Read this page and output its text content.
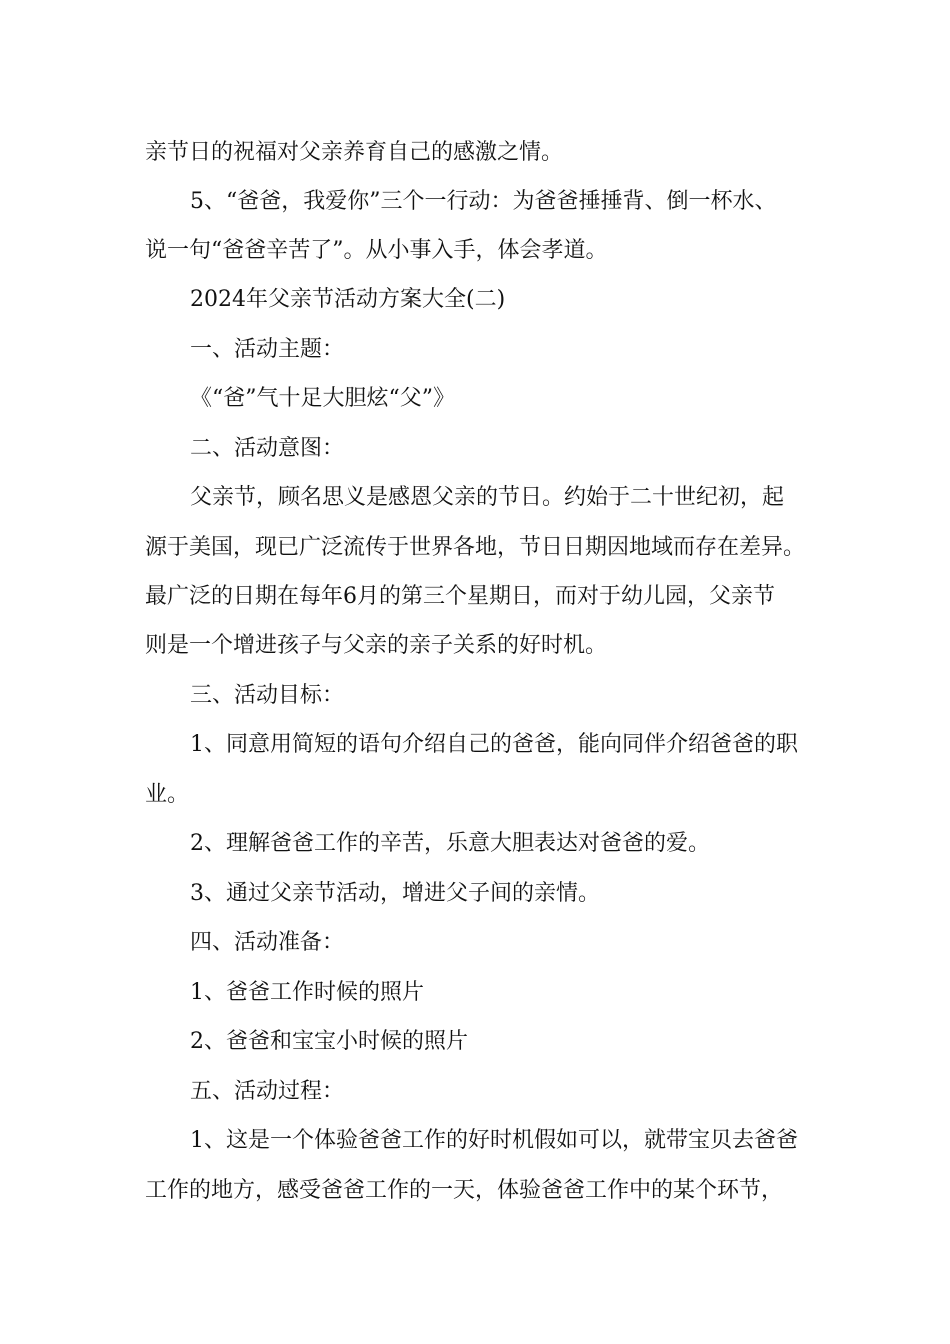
亲节日的祝福对父亲养育自己的感激之情。
5、“爸爸，我爱你”三个一行动：为爸爸捶捶背、倒一杯水、
说一句“爸爸辛苦了”。从小事入手，体会孝道。
2024年父亲节活动方案大全(二)
一、活动主题：
《“爸”气十足大胆炫“父”》
二、活动意图：
父亲节，顾名思义是感恩父亲的节日。约始于二十世纪初，起
源于美国，现已广泛流传于世界各地，节日日期因地域而存在差异。
最广泛的日期在每年6月的第三个星期日，而对于幼儿园，父亲节
则是一个增进孩子与父亲的亲子关系的好时机。
三、活动目标：
1、同意用简短的语句介绍自己的爸爸，能向同伴介绍爸爸的职
业。
2、理解爸爸工作的辛苦，乐意大胆表达对爸爸的爱。
3、通过父亲节活动，增进父子间的亲情。
四、活动准备：
1、爸爸工作时候的照片
2、爸爸和宝宝小时候的照片
五、活动过程：
1、这是一个体验爸爸工作的好时机假如可以，就带宝贝去爸爸
工作的地方，感受爸爸工作的一天，体验爸爸工作中的某个环节，
